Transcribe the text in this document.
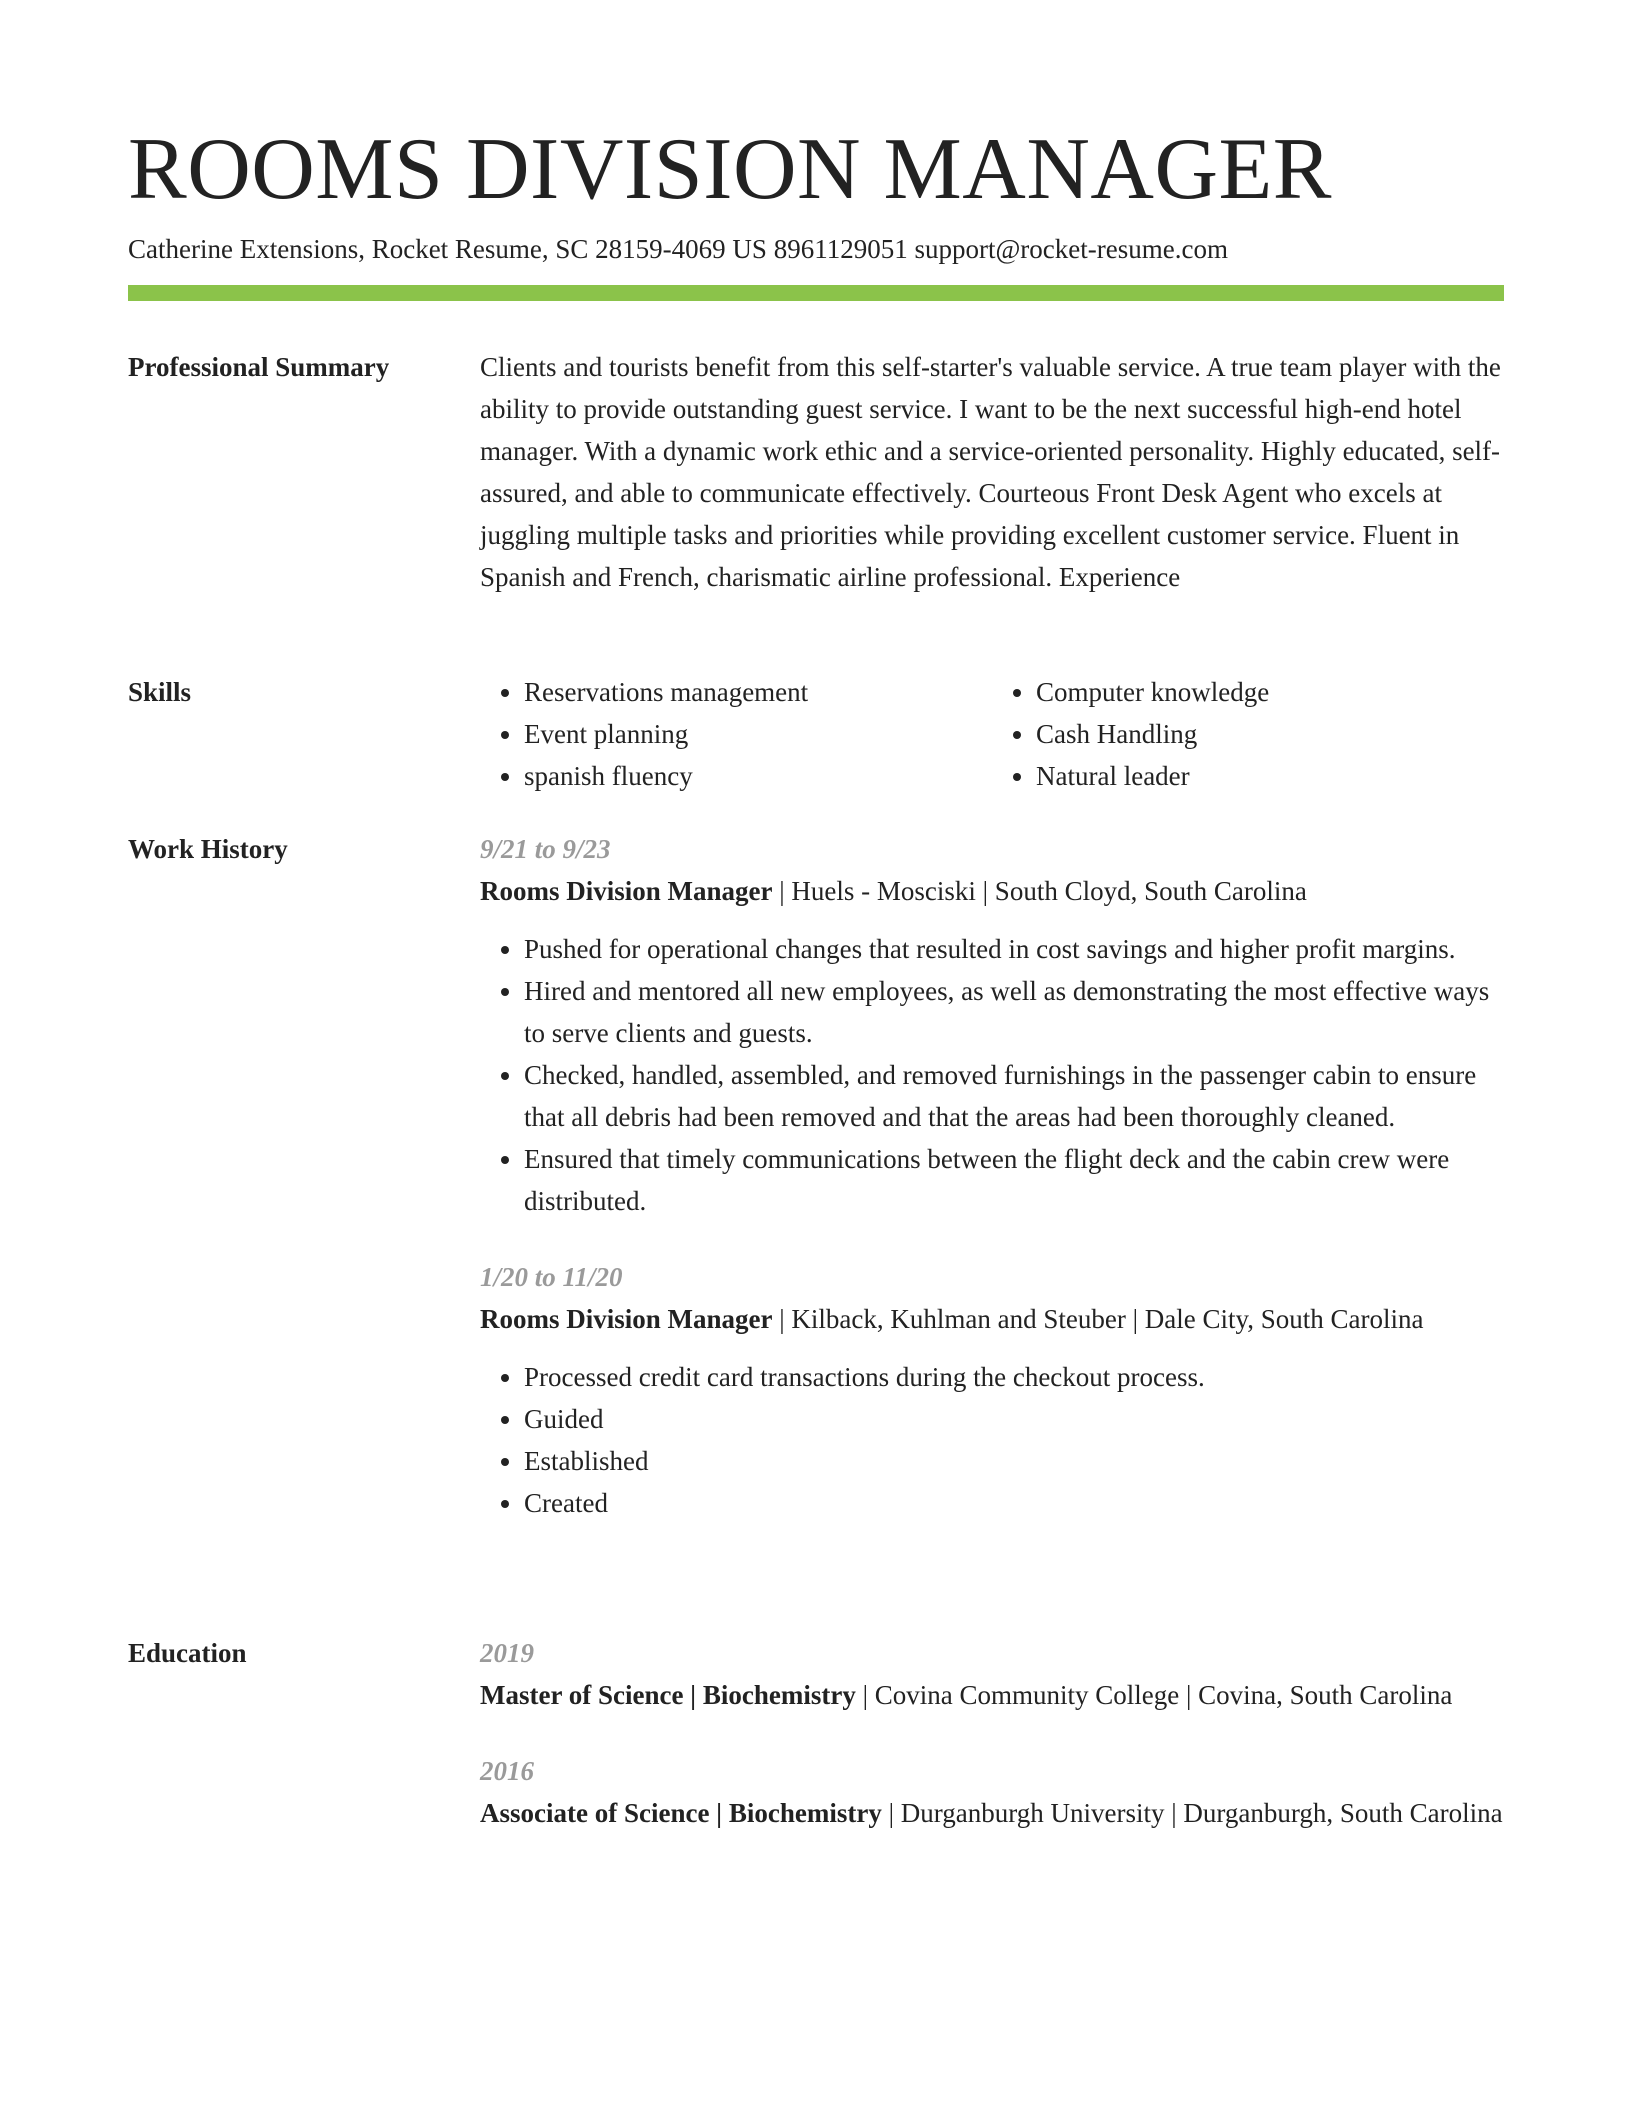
ROOMS DIVISION MANAGER
Catherine Extensions, Rocket Resume, SC 28159-4069 US 8961129051 support@rocket-resume.com
Professional Summary	Clients and tourists benefit from this self-starter's valuable service. A true team player with the ability to provide outstanding guest service. I want to be the next successful high-end hotel manager. With a dynamic work ethic and a service-oriented personality. Highly educated, self-assured, and able to communicate effectively. Courteous Front Desk Agent who excels at juggling multiple tasks and priorities while providing excellent customer service. Fluent in Spanish and French, charismatic airline professional. Experience

Skills
•	Reservations management
• Event planning
• spanish fluency
• Computer knowledge
• Cash Handling
• Natural leader
Work History	9/21 to 9/23
Rooms Division Manager | Huels - Mosciski | South Cloyd, South Carolina
• Pushed for operational changes that resulted in cost savings and higher profit margins.
• Hired and mentored all new employees, as well as demonstrating the most effective ways to serve clients and guests.
• Checked, handled, assembled, and removed furnishings in the passenger cabin to ensure that all debris had been removed and that the areas had been thoroughly cleaned.
• Ensured that timely communications between the flight deck and the cabin crew were distributed.
1/20 to 11/20
Rooms Division Manager | Kilback, Kuhlman and Steuber | Dale City, South Carolina
• Processed credit card transactions during the checkout process.
• Guided
• Established
• Created
Education	2019
Master of Science | Biochemistry | Covina Community College | Covina, South Carolina
2016
Associate of Science | Biochemistry | Durganburgh University | Durganburgh, South Carolina
